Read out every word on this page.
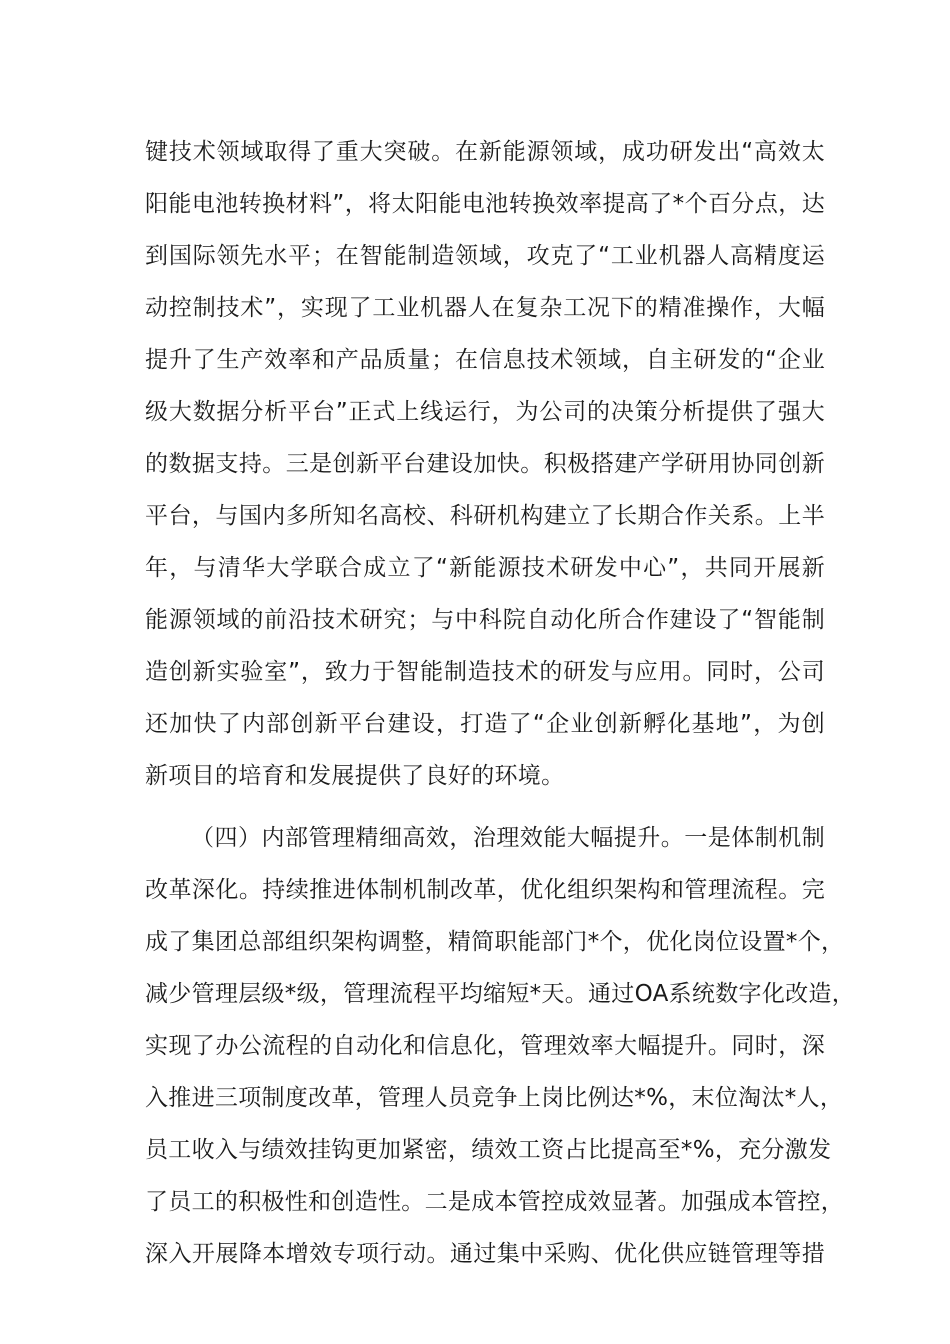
键技术领域取得了重大突破。在新能源领域，成功研发出“高效太
阳能电池转换材料”，将太阳能电池转换效率提高了*个百分点，达
到国际领先水平；在智能制造领域，攻克了“工业机器人高精度运
动控制技术”，实现了工业机器人在复杂工况下的精准操作，大幅
提升了生产效率和产品质量；在信息技术领域，自主研发的“企业
级大数据分析平台”正式上线运行，为公司的决策分析提供了强大
的数据支持。三是创新平台建设加快。积极搭建产学研用协同创新
平台，与国内多所知名高校、科研机构建立了长期合作关系。上半
年，与清华大学联合成立了“新能源技术研发中心”，共同开展新
能源领域的前沿技术研究；与中科院自动化所合作建设了“智能制
造创新实验室”，致力于智能制造技术的研发与应用。同时，公司
还加快了内部创新平台建设，打造了“企业创新孵化基地”，为创
新项目的培育和发展提供了良好的环境。
（四）内部管理精细高效，治理效能大幅提升。一是体制机制
改革深化。持续推进体制机制改革，优化组织架构和管理流程。完
成了集团总部组织架构调整，精简职能部门*个，优化岗位设置*个，
减少管理层级*级，管理流程平均缩短*天。通过OA系统数字化改造，
实现了办公流程的自动化和信息化，管理效率大幅提升。同时，深
入推进三项制度改革，管理人员竞争上岗比例达*%，末位淘汰*人，
员工收入与绩效挂钩更加紧密，绩效工资占比提高至*%，充分激发
了员工的积极性和创造性。二是成本管控成效显著。加强成本管控，
深入开展降本增效专项行动。通过集中采购、优化供应链管理等措
